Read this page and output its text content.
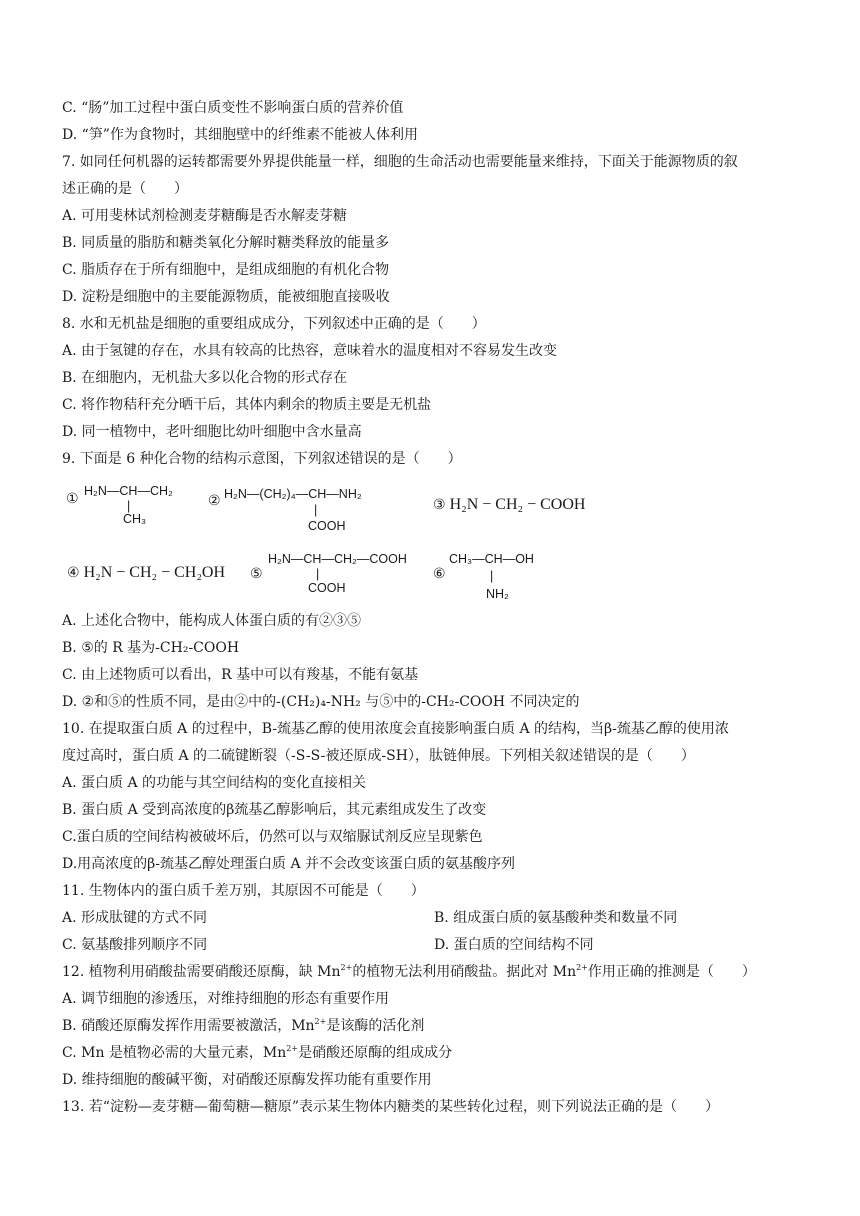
C. “肠”加工过程中蛋白质变性不影响蛋白质的营养价值
D. “笋”作为食物时，其细胞壁中的纤维素不能被人体利用
7. 如同任何机器的运转都需要外界提供能量一样，细胞的生命活动也需要能量来维持，下面关于能源物质的叙
述正确的是（　　）
A. 可用斐林试剂检测麦芽糖酶是否水解麦芽糖
B. 同质量的脂肪和糖类氧化分解时糖类释放的能量多
C. 脂质存在于所有细胞中，是组成细胞的有机化合物
D. 淀粉是细胞中的主要能源物质，能被细胞直接吸收
8. 水和无机盐是细胞的重要组成成分，下列叙述中正确的是（　　）
A. 由于氢键的存在，水具有较高的比热容，意味着水的温度相对不容易发生改变
B. 在细胞内，无机盐大多以化合物的形式存在
C. 将作物秸秆充分晒干后，其体内剩余的物质主要是无机盐
D. 同一植物中，老叶细胞比幼叶细胞中含水量高
9. 下面是 6 种化合物的结构示意图，下列叙述错误的是（　　）
① H₂N—CH—CH₂
|
CH₃
② H₂N—(CH₂)₄—CH—NH₂
|
COOH
③ H₂N − CH₂ − COOH
④ H₂N − CH₂ − CH₂OH ⑤
H₂N—CH—CH₂—COOH
|
COOH
⑥
CH₃—CH—OH
|
NH₂
A. 上述化合物中，能构成人体蛋白质的有②③⑤
B. ⑤的 R 基为-CH₂-COOH
C. 由上述物质可以看出，R 基中可以有羧基，不能有氨基
D. ②和⑤的性质不同，是由②中的-(CH₂)₄-NH₂ 与⑤中的-CH₂-COOH 不同决定的
10. 在提取蛋白质 A 的过程中，B-巯基乙醇的使用浓度会直接影响蛋白质 A 的结构，当β-巯基乙醇的使用浓
度过高时，蛋白质 A 的二硫键断裂（-S-S-被还原成-SH），肽链伸展。下列相关叙述错误的是（　　）
A. 蛋白质 A 的功能与其空间结构的变化直接相关
B. 蛋白质 A 受到高浓度的β巯基乙醇影响后，其元素组成发生了改变
C.蛋白质的空间结构被破坏后，仍然可以与双缩脲试剂反应呈现紫色
D.用高浓度的β-巯基乙醇处理蛋白质 A 并不会改变该蛋白质的氨基酸序列
11. 生物体内的蛋白质千差万别，其原因不可能是（　　）
A. 形成肽键的方式不同	B. 组成蛋白质的氨基酸种类和数量不同
C. 氨基酸排列顺序不同	D. 蛋白质的空间结构不同
12. 植物利用硝酸盐需要硝酸还原酶，缺 $Mn^{2+}$的植物无法利用硝酸盐。据此对 $Mn^{2+}$作用正确的推测是（　　）
A. 调节细胞的渗透压，对维持细胞的形态有重要作用
B. 硝酸还原酶发挥作用需要被激活，$Mn^{2+}$是该酶的活化剂
C. Mn 是植物必需的大量元素，$Mn^{2+}$是硝酸还原酶的组成成分
D. 维持细胞的酸碱平衡，对硝酸还原酶发挥功能有重要作用
13. 若“淀粉—麦芽糖—葡萄糖—糖原”表示某生物体内糖类的某些转化过程，则下列说法正确的是（　　）
